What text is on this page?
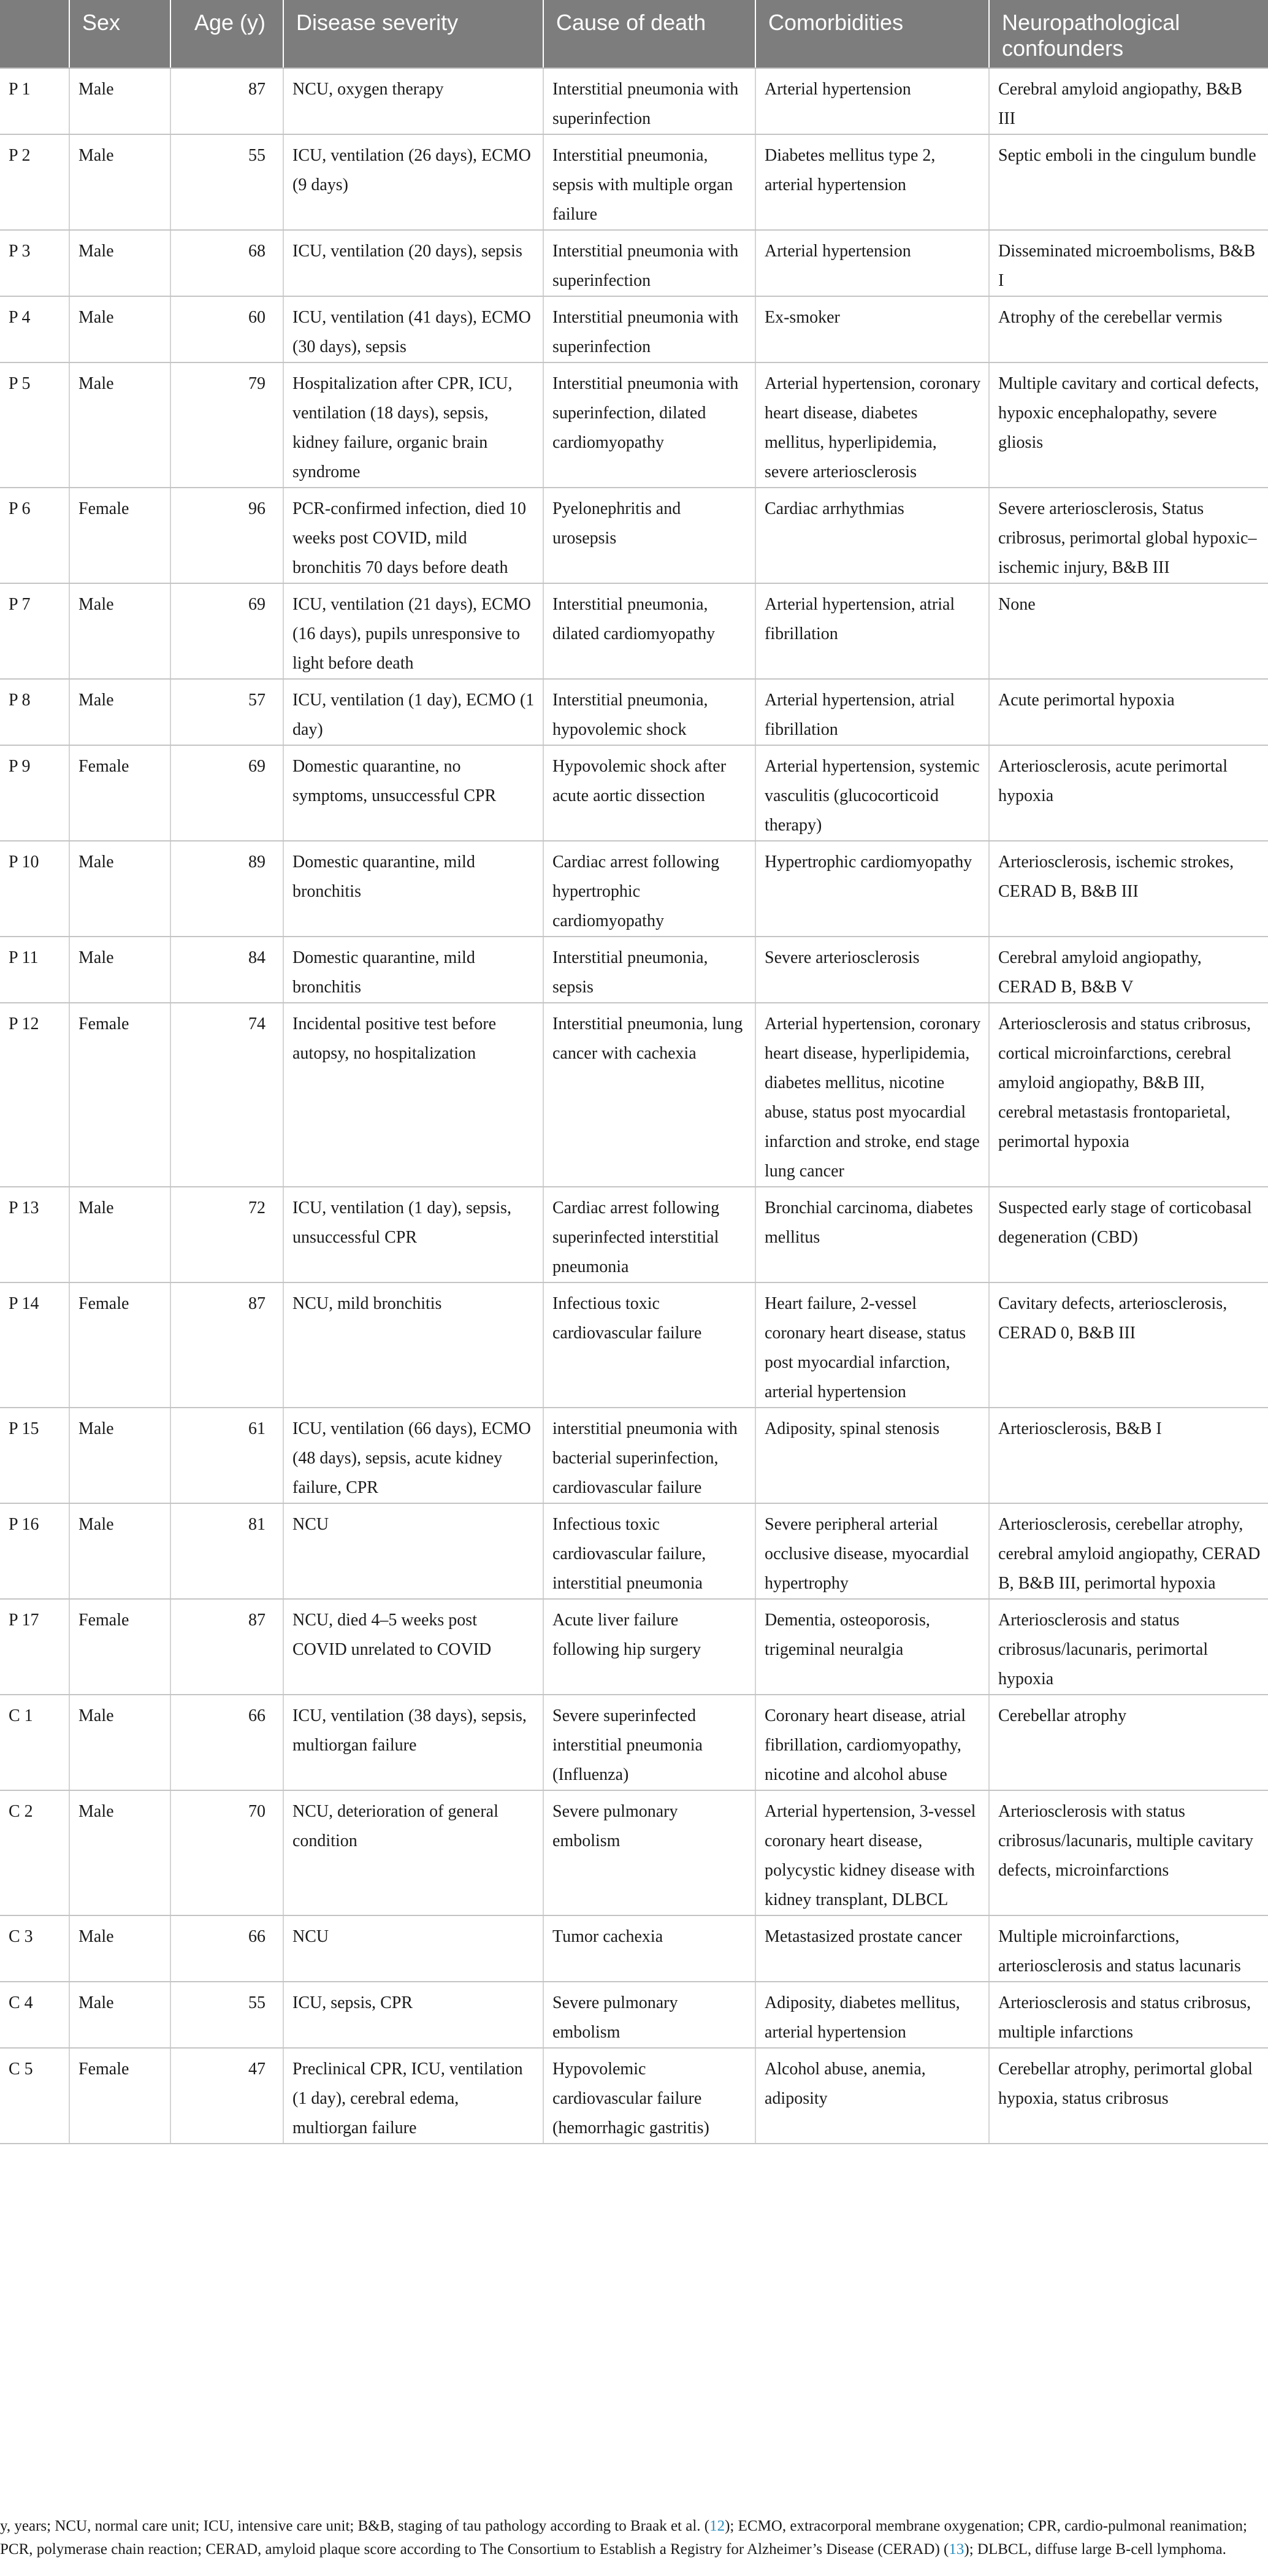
	Sex	Age (y)	Disease severity	Cause of death	Comorbidities	Neuropathological confounders
P 1	Male	87	NCU, oxygen therapy	Interstitial pneumonia with superinfection	Arterial hypertension	Cerebral amyloid angiopathy, B&B III
P 2	Male	55	ICU, ventilation (26 days), ECMO (9 days)	Interstitial pneumonia, sepsis with multiple organ failure	Diabetes mellitus type 2, arterial hypertension	Septic emboli in the cingulum bundle
P 3	Male	68	ICU, ventilation (20 days), sepsis	Interstitial pneumonia with superinfection	Arterial hypertension	Disseminated microembolisms, B&B I
P 4	Male	60	ICU, ventilation (41 days), ECMO (30 days), sepsis	Interstitial pneumonia with superinfection	Ex-smoker	Atrophy of the cerebellar vermis
P 5	Male	79	Hospitalization after CPR, ICU, ventilation (18 days), sepsis, kidney failure, organic brain syndrome	Interstitial pneumonia with superinfection, dilated cardiomyopathy	Arterial hypertension, coronary heart disease, diabetes mellitus, hyperlipidemia, severe arteriosclerosis	Multiple cavitary and cortical defects, hypoxic encephalopathy, severe gliosis
P 6	Female	96	PCR-confirmed infection, died 10 weeks post COVID, mild bronchitis 70 days before death	Pyelonephritis and urosepsis	Cardiac arrhythmias	Severe arteriosclerosis, Status cribrosus, perimortal global hypoxic–ischemic injury, B&B III
P 7	Male	69	ICU, ventilation (21 days), ECMO (16 days), pupils unresponsive to light before death	Interstitial pneumonia, dilated cardiomyopathy	Arterial hypertension, atrial fibrillation	None
P 8	Male	57	ICU, ventilation (1 day), ECMO (1 day)	Interstitial pneumonia, hypovolemic shock	Arterial hypertension, atrial fibrillation	Acute perimortal hypoxia
P 9	Female	69	Domestic quarantine, no symptoms, unsuccessful CPR	Hypovolemic shock after acute aortic dissection	Arterial hypertension, systemic vasculitis (glucocorticoid therapy)	Arteriosclerosis, acute perimortal hypoxia
P 10	Male	89	Domestic quarantine, mild bronchitis	Cardiac arrest following hypertrophic cardiomyopathy	Hypertrophic cardiomyopathy	Arteriosclerosis, ischemic strokes, CERAD B, B&B III
P 11	Male	84	Domestic quarantine, mild bronchitis	Interstitial pneumonia, sepsis	Severe arteriosclerosis	Cerebral amyloid angiopathy, CERAD B, B&B V
P 12	Female	74	Incidental positive test before autopsy, no hospitalization	Interstitial pneumonia, lung cancer with cachexia	Arterial hypertension, coronary heart disease, hyperlipidemia, diabetes mellitus, nicotine abuse, status post myocardial infarction and stroke, end stage lung cancer	Arteriosclerosis and status cribrosus, cortical microinfarctions, cerebral amyloid angiopathy, B&B III, cerebral metastasis frontoparietal, perimortal hypoxia
P 13	Male	72	ICU, ventilation (1 day), sepsis, unsuccessful CPR	Cardiac arrest following superinfected interstitial pneumonia	Bronchial carcinoma, diabetes mellitus	Suspected early stage of corticobasal degeneration (CBD)
P 14	Female	87	NCU, mild bronchitis	Infectious toxic cardiovascular failure	Heart failure, 2-vessel coronary heart disease, status post myocardial infarction, arterial hypertension	Cavitary defects, arteriosclerosis, CERAD 0, B&B III
P 15	Male	61	ICU, ventilation (66 days), ECMO (48 days), sepsis, acute kidney failure, CPR	interstitial pneumonia with bacterial superinfection, cardiovascular failure	Adiposity, spinal stenosis	Arteriosclerosis, B&B I
P 16	Male	81	NCU	Infectious toxic cardiovascular failure, interstitial pneumonia	Severe peripheral arterial occlusive disease, myocardial hypertrophy	Arteriosclerosis, cerebellar atrophy, cerebral amyloid angiopathy, CERAD B, B&B III, perimortal hypoxia
P 17	Female	87	NCU, died 4–5 weeks post COVID unrelated to COVID	Acute liver failure following hip surgery	Dementia, osteoporosis, trigeminal neuralgia	Arteriosclerosis and status cribrosus/lacunaris, perimortal hypoxia
C 1	Male	66	ICU, ventilation (38 days), sepsis, multiorgan failure	Severe superinfected interstitial pneumonia (Influenza)	Coronary heart disease, atrial fibrillation, cardiomyopathy, nicotine and alcohol abuse	Cerebellar atrophy
C 2	Male	70	NCU, deterioration of general condition	Severe pulmonary embolism	Arterial hypertension, 3-vessel coronary heart disease, polycystic kidney disease with kidney transplant, DLBCL	Arteriosclerosis with status cribrosus/lacunaris, multiple cavitary defects, microinfarctions
C 3	Male	66	NCU	Tumor cachexia	Metastasized prostate cancer	Multiple microinfarctions, arteriosclerosis and status lacunaris
C 4	Male	55	ICU, sepsis, CPR	Severe pulmonary embolism	Adiposity, diabetes mellitus, arterial hypertension	Arteriosclerosis and status cribrosus, multiple infarctions
C 5	Female	47	Preclinical CPR, ICU, ventilation (1 day), cerebral edema, multiorgan failure	Hypovolemic cardiovascular failure (hemorrhagic gastritis)	Alcohol abuse, anemia, adiposity	Cerebellar atrophy, perimortal global hypoxia, status cribrosus
y, years; NCU, normal care unit; ICU, intensive care unit; B&B, staging of tau pathology according to Braak et al. (12); ECMO, extracorporal membrane oxygenation; CPR, cardio-pulmonal reanimation; PCR, polymerase chain reaction; CERAD, amyloid plaque score according to The Consortium to Establish a Registry for Alzheimer’s Disease (CERAD) (13); DLBCL, diffuse large B-cell lymphoma.
